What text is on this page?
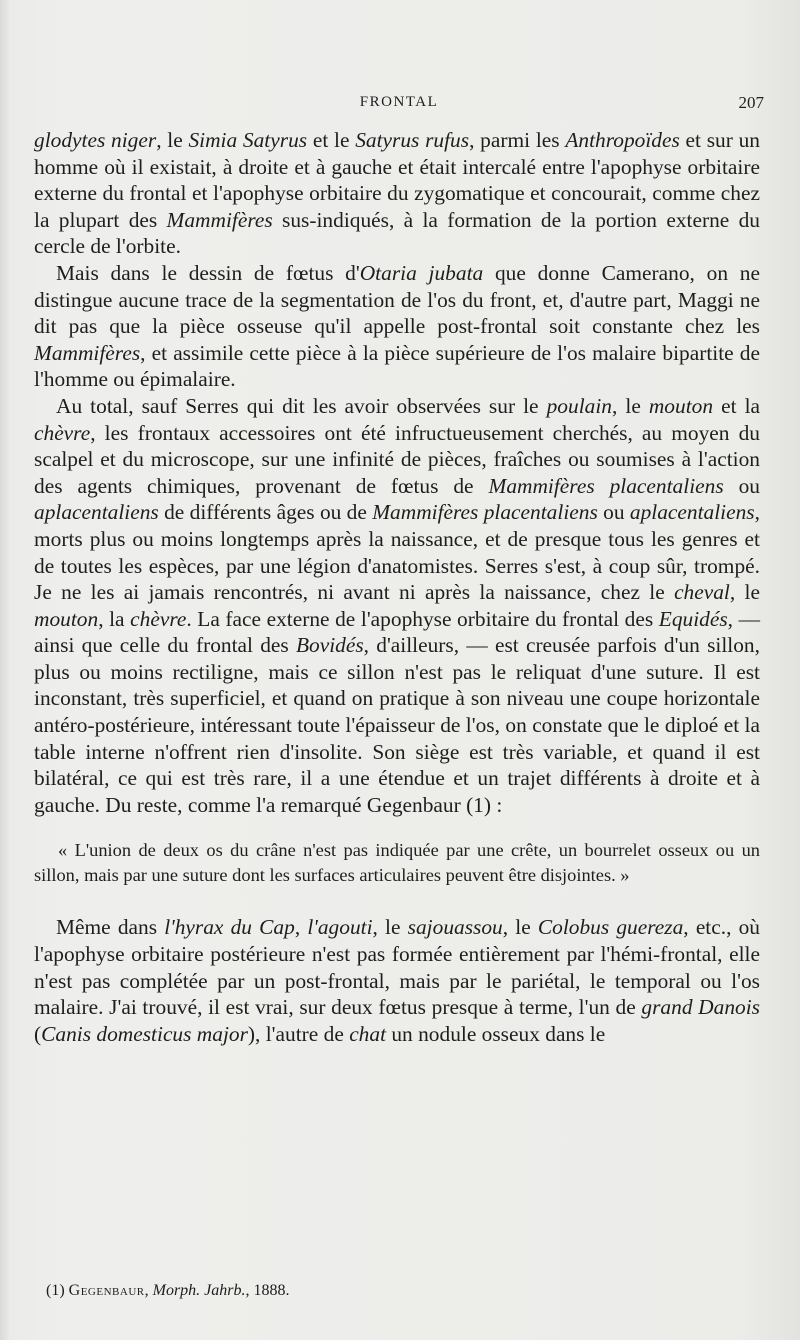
FRONTAL	207

glodytes niger, le Simia Satyrus et le Satyrus rufus, parmi les Anthropoïdes et sur un homme où il existait, à droite et à gauche et était intercalé entre l'apophyse orbitaire externe du frontal et l'apophyse orbitaire du zygomatique et concourait, comme chez la plupart des Mammifères sus-indiqués, à la formation de la portion externe du cercle de l'orbite.

Mais dans le dessin de fœtus d'Otaria jubata que donne Camerano, on ne distingue aucune trace de la segmentation de l'os du front, et, d'autre part, Maggi ne dit pas que la pièce osseuse qu'il appelle post-frontal soit constante chez les Mammifères, et assimile cette pièce à la pièce supérieure de l'os malaire bipartite de l'homme ou épimalaire.

Au total, sauf Serres qui dit les avoir observées sur le poulain, le mouton et la chèvre, les frontaux accessoires ont été infructueusement cherchés, au moyen du scalpel et du microscope, sur une infinité de pièces, fraîches ou soumises à l'action des agents chimiques, provenant de fœtus de Mammifères placentaliens ou aplacentaliens de différents âges ou de Mammifères placentaliens ou aplacentaliens, morts plus ou moins longtemps après la naissance, et de presque tous les genres et de toutes les espèces, par une légion d'anatomistes. Serres s'est, à coup sûr, trompé. Je ne les ai jamais rencontrés, ni avant ni après la naissance, chez le cheval, le mouton, la chèvre. La face externe de l'apophyse orbitaire du frontal des Equidés, — ainsi que celle du frontal des Bovidés, d'ailleurs, — est creusée parfois d'un sillon, plus ou moins rectiligne, mais ce sillon n'est pas le reliquat d'une suture. Il est inconstant, très superficiel, et quand on pratique à son niveau une coupe horizontale antéro-postérieure, intéressant toute l'épaisseur de l'os, on constate que le diploé et la table interne n'offrent rien d'insolite. Son siège est très variable, et quand il est bilatéral, ce qui est très rare, il a une étendue et un trajet différents à droite et à gauche. Du reste, comme l'a remarqué Gegenbaur (1) :

« L'union de deux os du crâne n'est pas indiquée par une crête, un bourrelet osseux ou un sillon, mais par une suture dont les surfaces articulaires peuvent être disjointes. »

Même dans l'hyrax du Cap, l'agouti, le sajouassou, le Colobus guereza, etc., où l'apophyse orbitaire postérieure n'est pas formée entièrement par l'hémi-frontal, elle n'est pas complétée par un post-frontal, mais par le pariétal, le temporal ou l'os malaire. J'ai trouvé, il est vrai, sur deux fœtus presque à terme, l'un de grand Danois (Canis domesticus major), l'autre de chat un nodule osseux dans le

(1) Gegenbaur, Morph. Jahrb., 1888.
